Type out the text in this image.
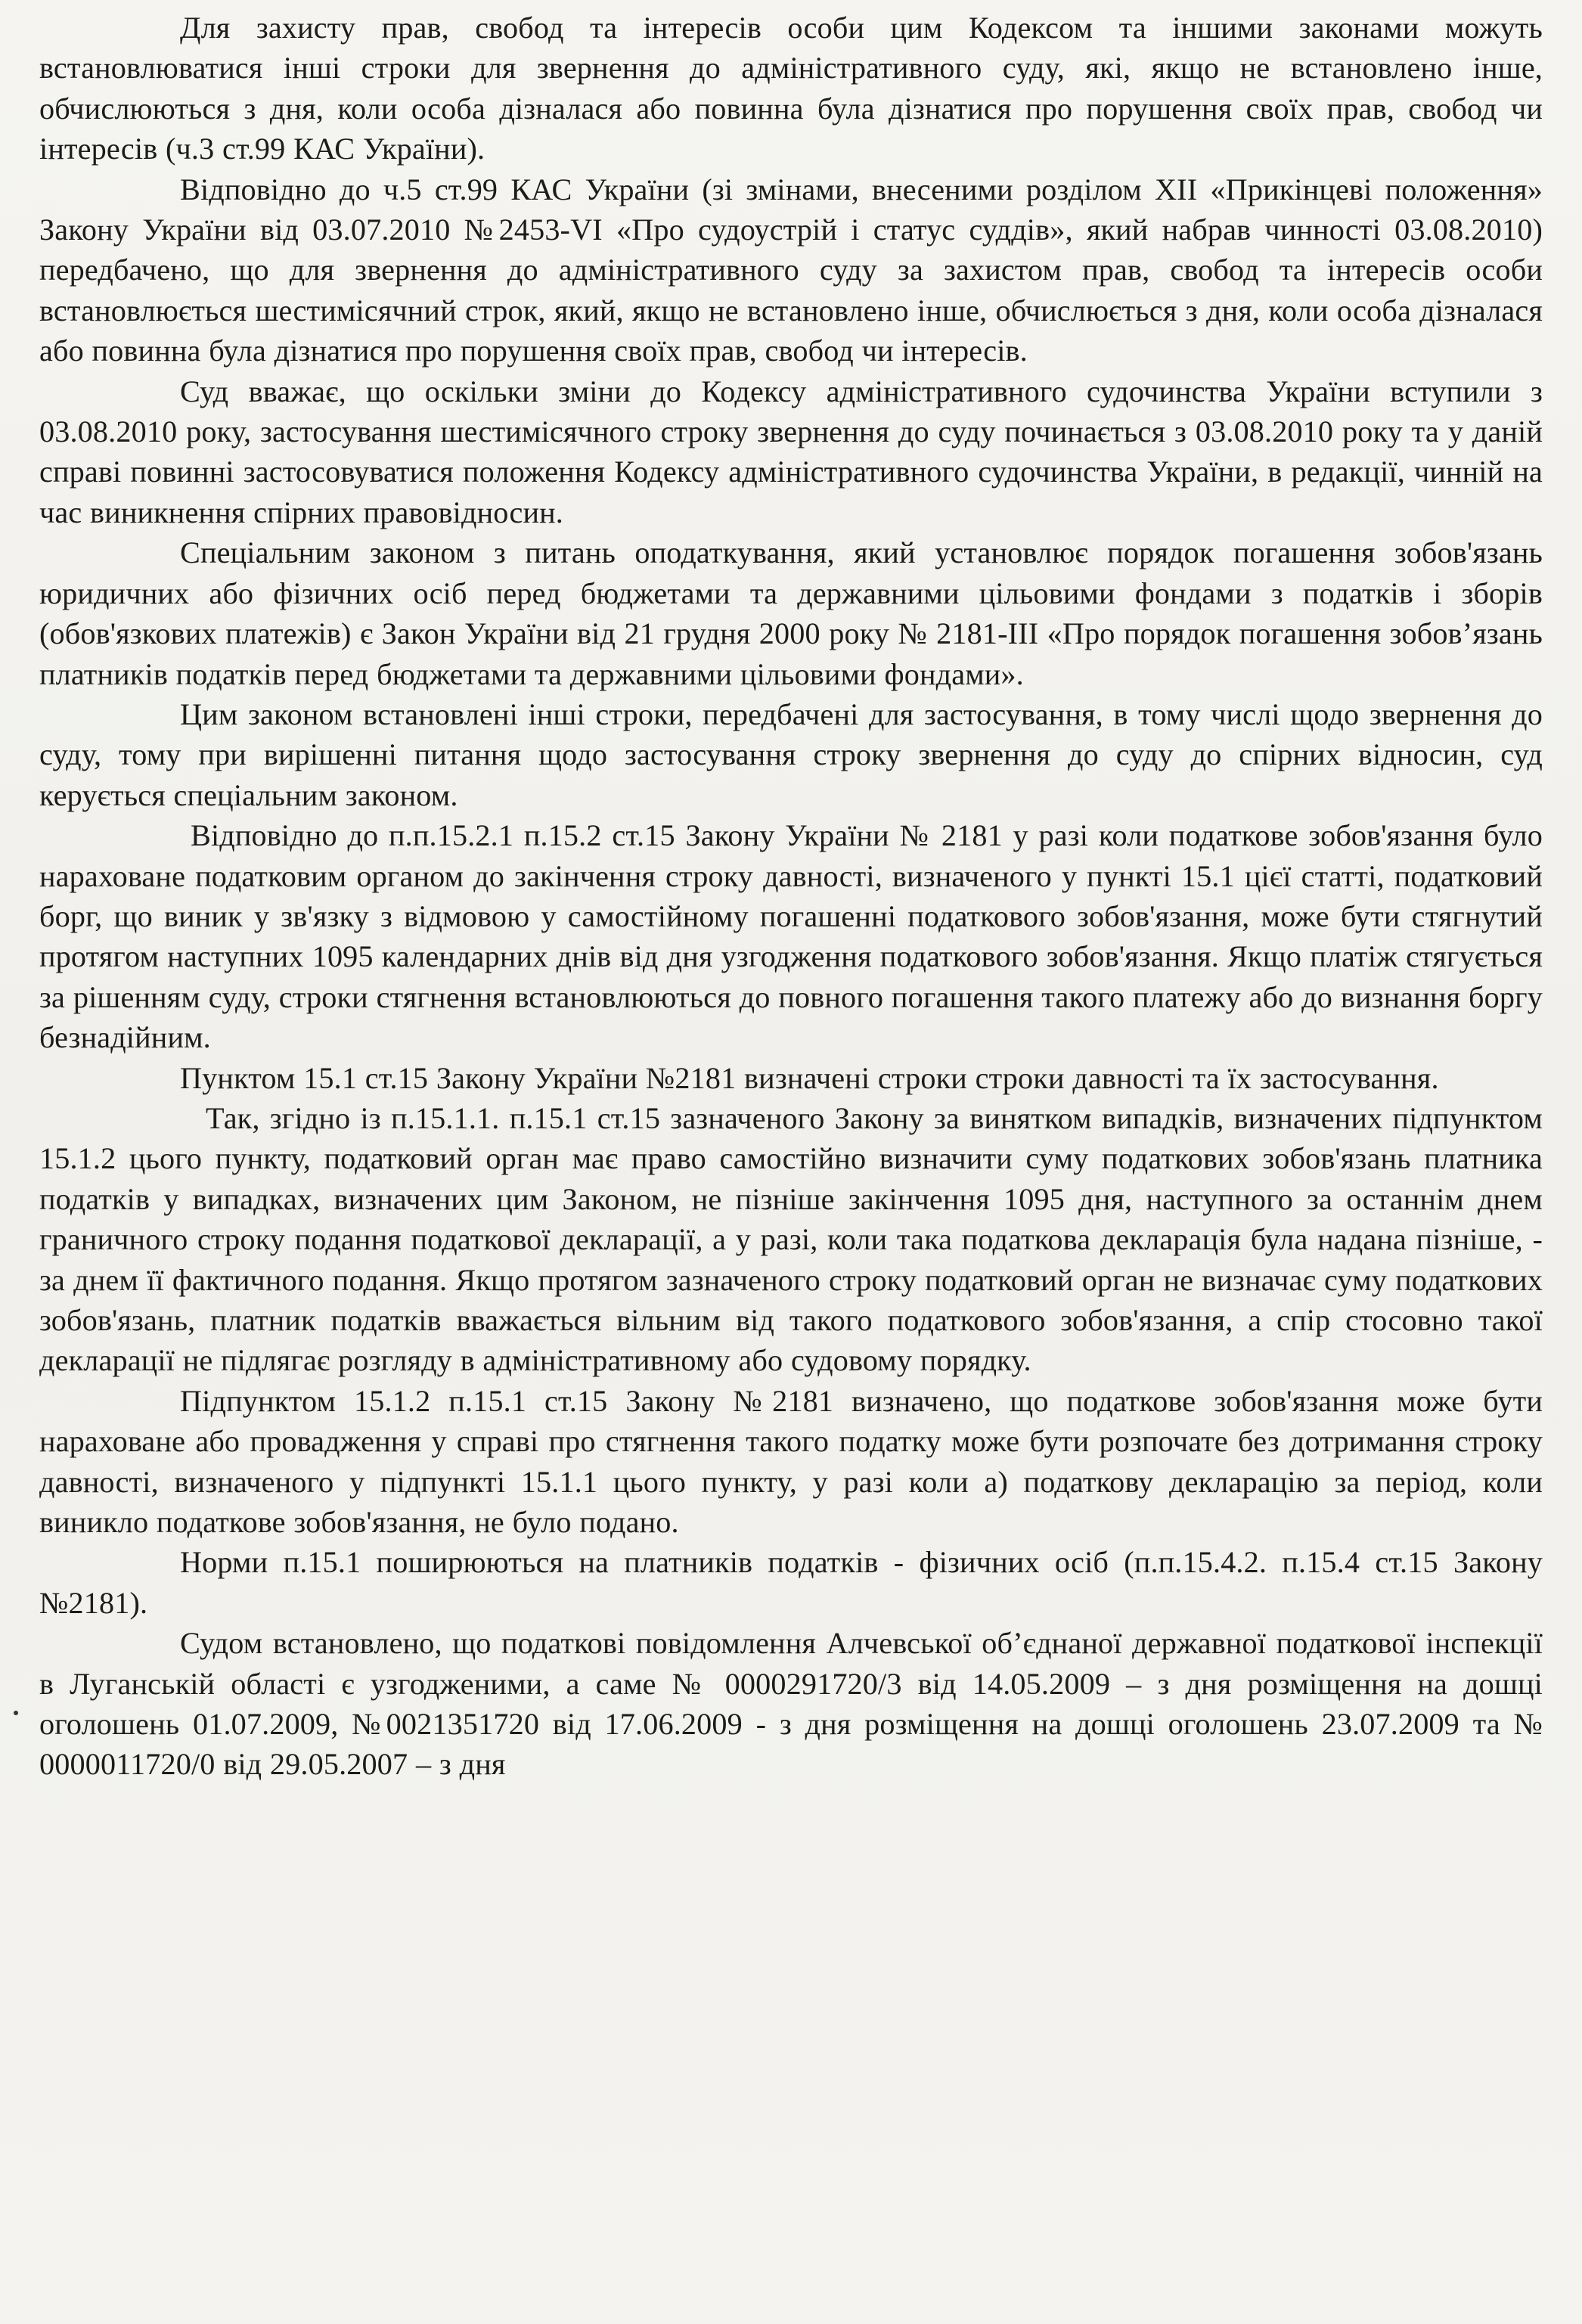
Для захисту прав, свобод та інтересів особи цим Кодексом та іншими законами можуть встановлюватися інші строки для звернення до адміністративного суду, які, якщо не встановлено інше, обчислюються з дня, коли особа дізналася або повинна була дізнатися про порушення своїх прав, свобод чи інтересів (ч.3 ст.99 КАС України).

Відповідно до ч.5 ст.99 КАС України (зі змінами, внесеними розділом XII «Прикінцеві положення» Закону України від 03.07.2010 №2453-VI «Про судоустрій і статус суддів», який набрав чинності 03.08.2010) передбачено, що для звернення до адміністративного суду за захистом прав, свобод та інтересів особи встановлюється шестимісячний строк, який, якщо не встановлено інше, обчислюється з дня, коли особа дізналася або повинна була дізнатися про порушення своїх прав, свобод чи інтересів.

Суд вважає, що оскільки зміни до Кодексу адміністративного судочинства України вступили з 03.08.2010 року, застосування шестимісячного строку звернення до суду починається з 03.08.2010 року та у даній справі повинні застосовуватися положення Кодексу адміністративного судочинства України, в редакції, чинній на час виникнення спірних правовідносин.

Спеціальним законом з питань оподаткування, який установлює порядок погашення зобов'язань юридичних або фізичних осіб перед бюджетами та державними цільовими фондами з податків і зборів (обов'язкових платежів) є Закон України від 21 грудня 2000 року № 2181-III «Про порядок погашення зобов’язань платників податків перед бюджетами та державними цільовими фондами».

Цим законом встановлені інші строки, передбачені для застосування, в тому числі щодо звернення до суду, тому при вирішенні питання щодо застосування строку звернення до суду до спірних відносин, суд керується спеціальним законом.

Відповідно до п.п.15.2.1 п.15.2 ст.15 Закону України № 2181 у разі коли податкове зобов'язання було нараховане податковим органом до закінчення строку давності, визначеного у пункті 15.1 цієї статті, податковий борг, що виник у зв'язку з відмовою у самостійному погашенні податкового зобов'язання, може бути стягнутий протягом наступних 1095 календарних днів від дня узгодження податкового зобов'язання. Якщо платіж стягується за рішенням суду, строки стягнення встановлюються до повного погашення такого платежу або до визнання боргу безнадійним.

Пунктом 15.1 ст.15 Закону України №2181 визначені строки строки давності та їх застосування.

Так, згідно із п.15.1.1. п.15.1 ст.15 зазначеного Закону за винятком випадків, визначених підпунктом 15.1.2 цього пункту, податковий орган має право самостійно визначити суму податкових зобов'язань платника податків у випадках, визначених цим Законом, не пізніше закінчення 1095 дня, наступного за останнім днем граничного строку подання податкової декларації, а у разі, коли така податкова декларація була надана пізніше, - за днем її фактичного подання. Якщо протягом зазначеного строку податковий орган не визначає суму податкових зобов'язань, платник податків вважається вільним від такого податкового зобов'язання, а спір стосовно такої декларації не підлягає розгляду в адміністративному або судовому порядку.

Підпунктом 15.1.2 п.15.1 ст.15 Закону №2181 визначено, що податкове зобов'язання може бути нараховане або провадження у справі про стягнення такого податку може бути розпочате без дотримання строку давності, визначеного у підпункті 15.1.1 цього пункту, у разі коли а) податкову декларацію за період, коли виникло податкове зобов'язання, не було подано.

Норми п.15.1 поширюються на платників податків - фізичних осіб (п.п.15.4.2. п.15.4 ст.15 Закону №2181).

Судом встановлено, що податкові повідомлення Алчевської об’єднаної державної податкової інспекції в Луганській області є узгодженими, а саме № 0000291720/3 від 14.05.2009 – з дня розміщення на дошці оголошень 01.07.2009, №0021351720 від 17.06.2009 - з дня розміщення на дошці оголошень 23.07.2009 та № 0000011720/0 від 29.05.2007 – з дня
